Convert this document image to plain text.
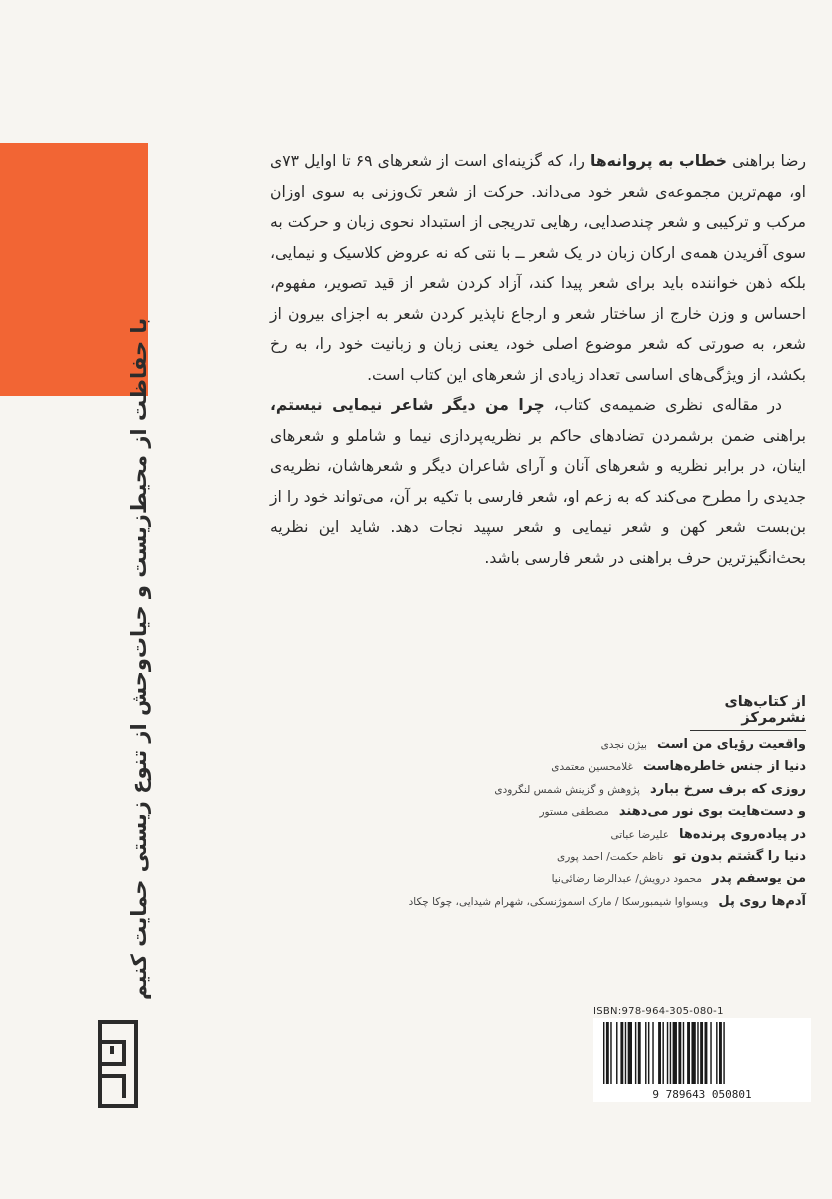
با حفاظت از محیط‌زیست و حیات‌وحش از تنوع زیستی حمایت کنیم

رضا براهنی خطاب به پروانه‌ها را، که گزینه‌ای است از شعرهای ۶۹ تا اوایل ۷۳ی او، مهم‌ترین مجموعه‌ی شعر خود می‌داند. حرکت از شعر تک‌وزنی به سوی اوزان مرکب و ترکیبی و شعر چندصدایی، رهایی تدریجی از استبداد نحوی زبان و حرکت به سوی آفریدن همه‌ی ارکان زبان در یک شعر ــ با نتی که نه عروض کلاسیک و نیمایی، بلکه ذهن خواننده باید برای شعر پیدا کند، آزاد کردن شعر از قید تصویر، مفهوم، احساس و وزن خارج از ساختار شعر و ارجاع ناپذیر کردن شعر به اجزای بیرون از شعر، به صورتی که شعر موضوع اصلی خود، یعنی زبان و زبانیت خود را، به رخ بکشد، از ویژگی‌های اساسی تعداد زیادی از شعرهای این کتاب است.

در مقاله‌ی نظری ضمیمه‌ی کتاب، چرا من دیگر شاعر نیمایی نیستم، براهنی ضمن برشمردن تضادهای حاکم بر نظریه‌پردازی نیما و شاملو و شعرهای اینان، در برابر نظریه و شعرهای آنان و آرای شاعران دیگر و شعرهاشان، نظریه‌ی جدیدی را مطرح می‌کند که به زعم او، شعر فارسی با تکیه بر آن، می‌تواند خود را از بن‌بست شعر کهن و شعر نیمایی و شعر سپید نجات دهد. شاید این نظریه بحث‌انگیزترین حرف براهنی در شعر فارسی باشد.

از کتاب‌های نشرمرکز
واقعیت رؤیای من است
بیژن نجدی
دنیا از جنس خاطره‌هاست
غلامحسین معتمدی
روزی که برف سرخ ببارد
پژوهش و گزینش شمس لنگرودی
و دست‌هایت بوی نور می‌دهند
مصطفی مستور
در پیاده‌روی پرنده‌ها
علیرضا عباتی
دنیا را گشتم بدون تو
ناظم حکمت/ احمد پوری
من یوسفم پدر
محمود درویش/ عبدالرضا رضائی‌نیا
آدم‌ها روی پل
ویسواوا شیمبورسکا / مارک اسموژنسکی، شهرام شیدایی، چوکا چکاد
ISBN:978-964-305-080-1
9 789643 050801
